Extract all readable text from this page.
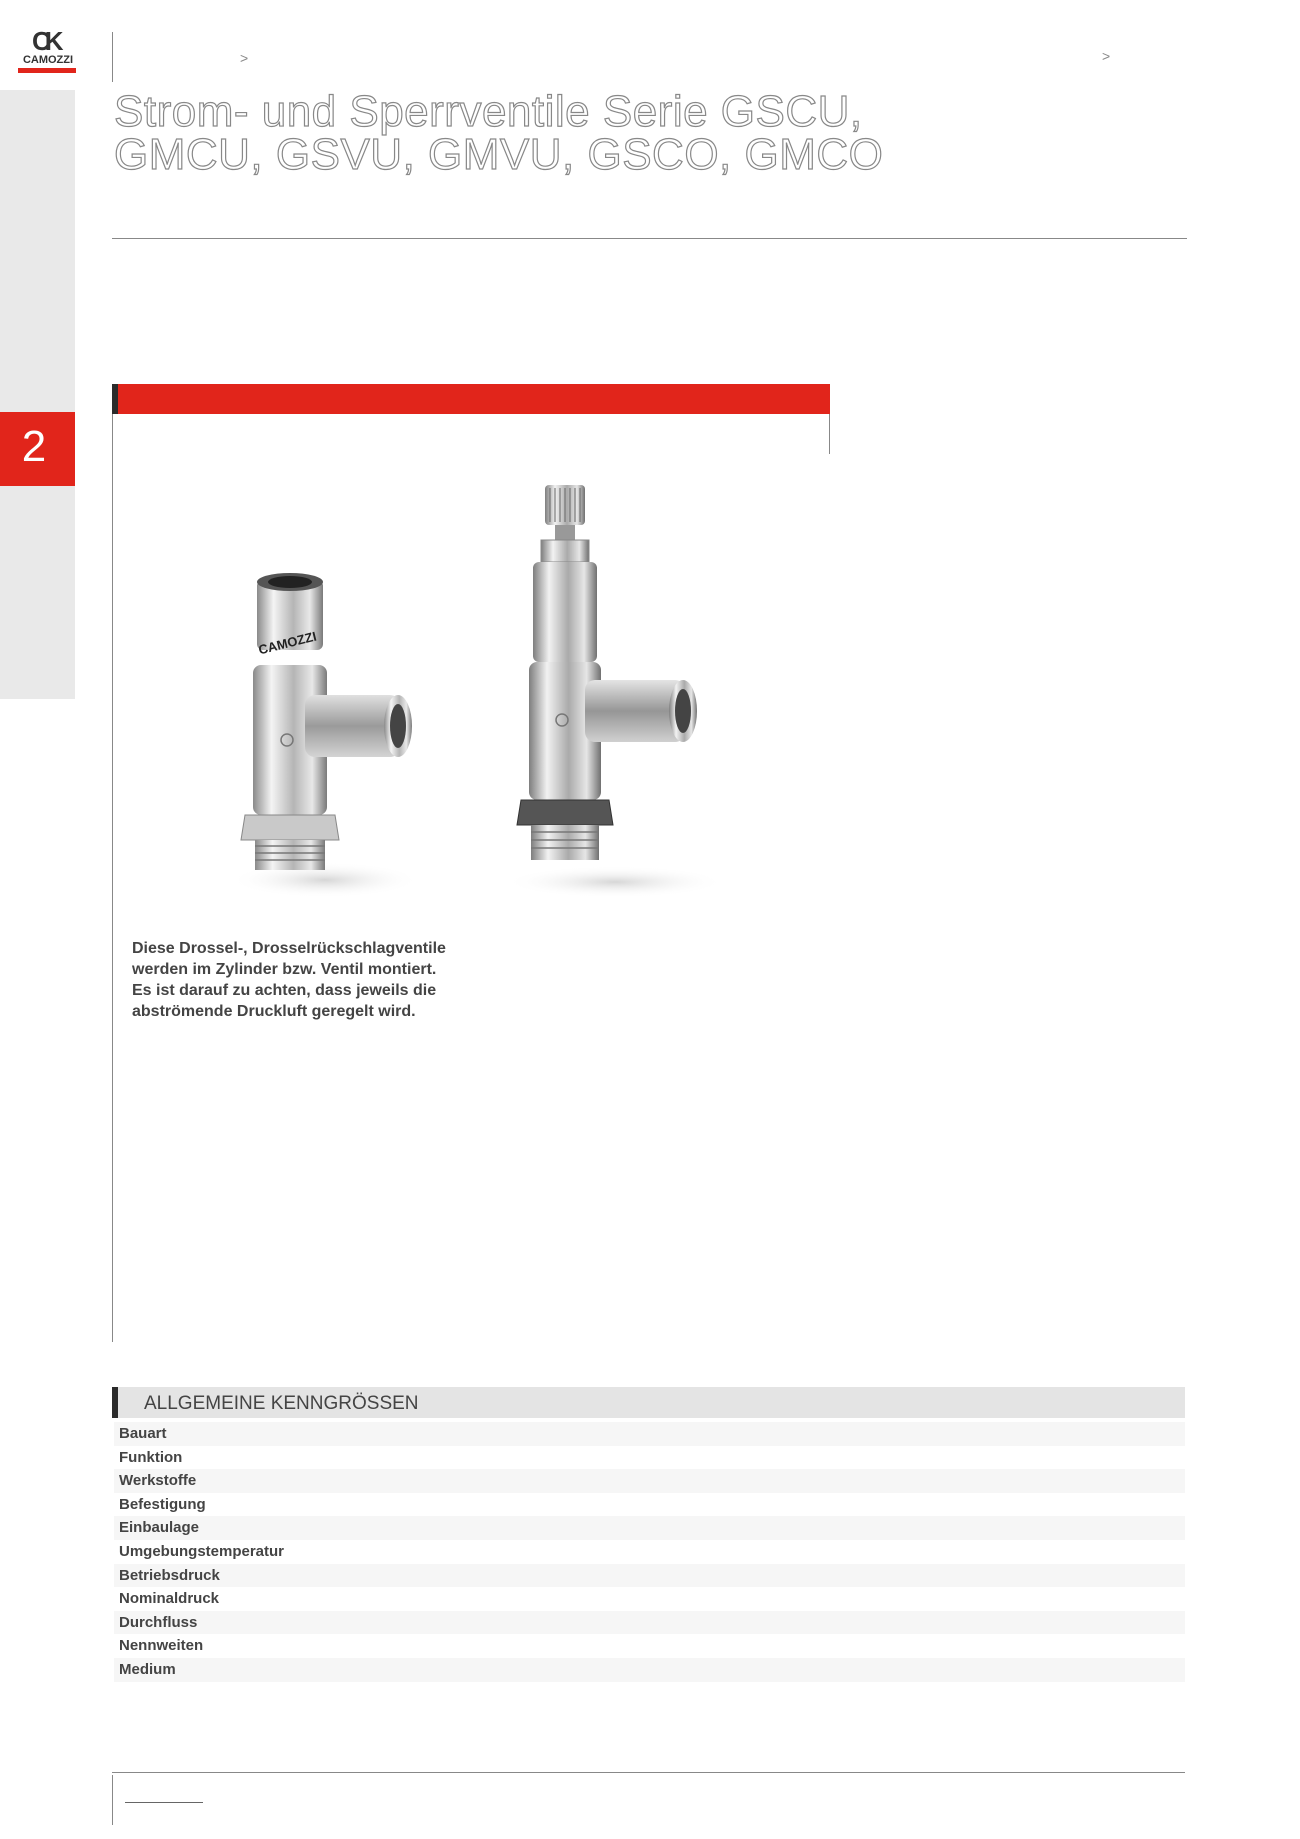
CK
CAMOZZI
2
>	>
Strom- und Sperrventile Serie GSCU,
GMCU, GSVU, GMVU, GSCO, GMCO
CAMOZZI
Diese Drossel-, Drosselrückschlagventile
werden im Zylinder bzw. Ventil montiert.
Es ist darauf zu achten, dass jeweils die
abströmende Druckluft geregelt wird.
ALLGEMEINE KENNGRÖSSEN
Bauart
Funktion
Werkstoffe
Befestigung
Einbaulage
Umgebungstemperatur
Betriebsdruck
Nominaldruck
Durchfluss
Nennweiten
Medium
